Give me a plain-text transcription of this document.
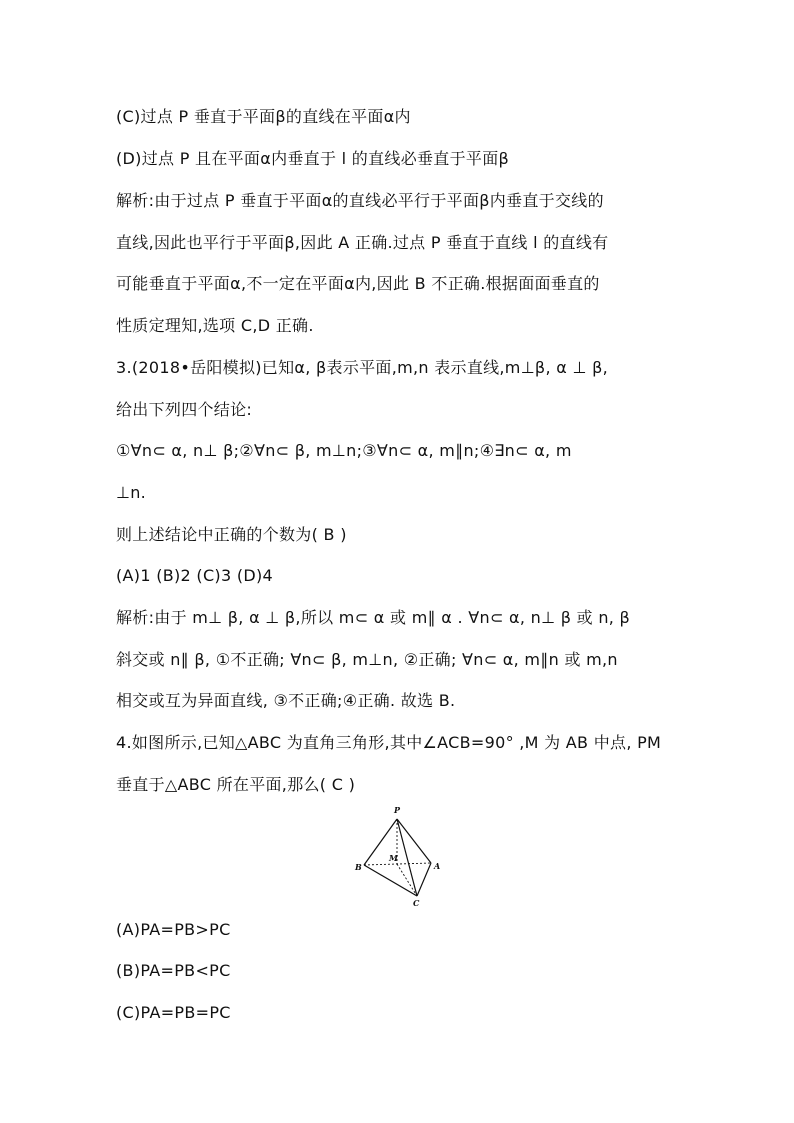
(C)过点 P 垂直于平面β的直线在平面α内
(D)过点 P 且在平面α内垂直于 l 的直线必垂直于平面β
解析:由于过点 P 垂直于平面α的直线必平行于平面β内垂直于交线的
直线,因此也平行于平面β,因此 A 正确.过点 P 垂直于直线 l 的直线有
可能垂直于平面α,不一定在平面α内,因此 B 不正确.根据面面垂直的
性质定理知,选项 C,D 正确.
3.(2018•岳阳模拟)已知α, β表示平面,m,n 表示直线,m⊥β, α ⊥ β,
给出下列四个结论:
①∀n⊂ α, n⊥ β;②∀n⊂ β, m⊥n;③∀n⊂ α, m∥n;④∃n⊂ α, m
⊥n.
则上述结论中正确的个数为( B )
(A)1 (B)2 (C)3 (D)4
解析:由于 m⊥ β, α ⊥ β,所以 m⊂ α 或 m∥ α . ∀n⊂ α, n⊥ β 或 n, β
斜交或 n∥ β, ①不正确; ∀n⊂ β, m⊥n, ②正确; ∀n⊂ α, m∥n 或 m,n
相交或互为异面直线, ③不正确;④正确. 故选 B.
4.如图所示,已知△ABC 为直角三角形,其中∠ACB=90° ,M 为 AB 中点, PM
垂直于△ABC 所在平面,那么( C )
P
B	A
C
M
(A)PA=PB>PC
(B)PA=PB<PC
(C)PA=PB=PC
